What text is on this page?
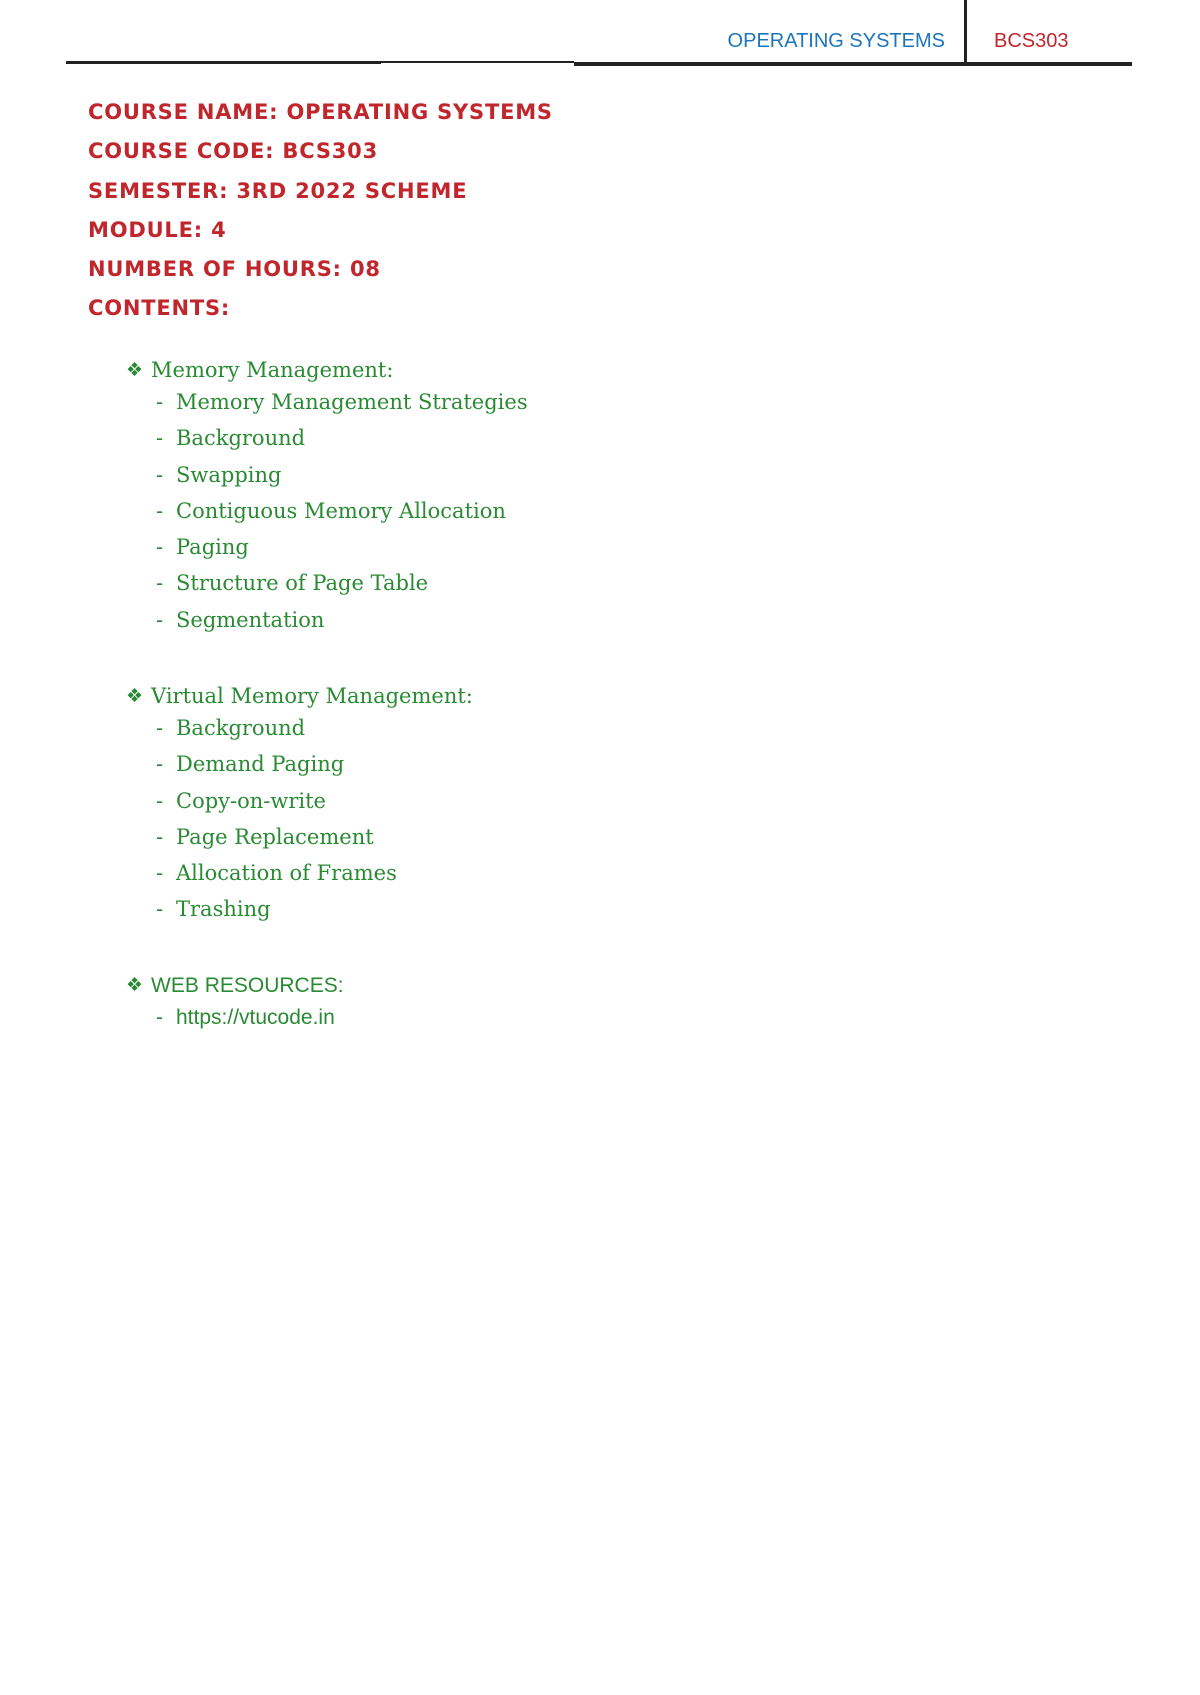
OPERATING SYSTEMS BCS303
COURSE NAME: OPERATING SYSTEMS
COURSE CODE: BCS303
SEMESTER: 3RD 2022 SCHEME
MODULE: 4
NUMBER OF HOURS: 08
CONTENTS:
❖ Memory Management:
- Memory Management Strategies
- Background
- Swapping
- Contiguous Memory Allocation
- Paging
- Structure of Page Table
- Segmentation
❖ Virtual Memory Management:
- Background
- Demand Paging
- Copy-on-write
- Page Replacement
- Allocation of Frames
- Trashing
❖ WEB RESOURCES:
- https://vtucode.in
